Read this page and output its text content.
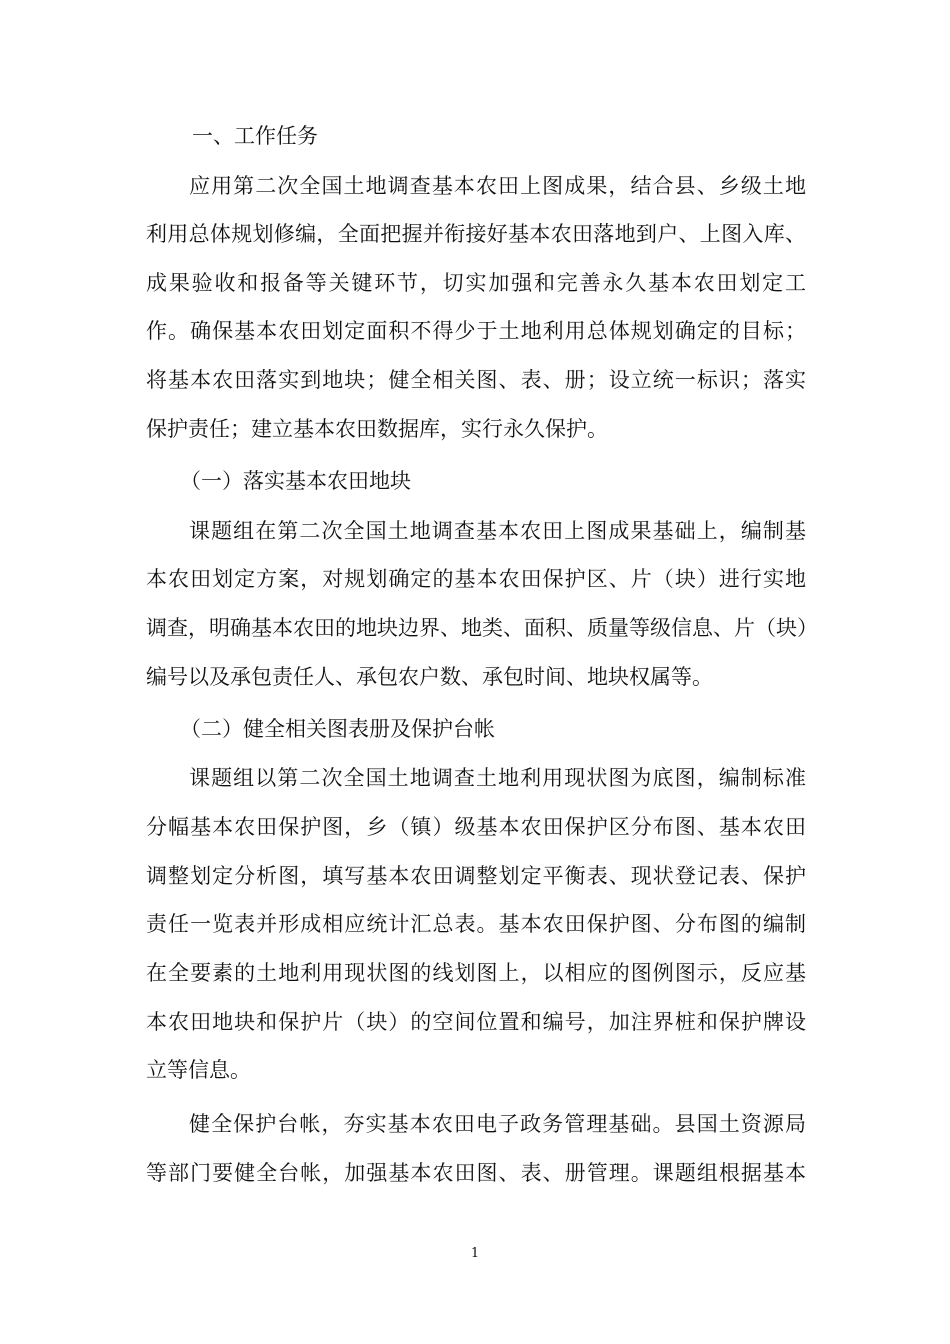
一、工作任务

应用第二次全国土地调查基本农田上图成果，结合县、乡级土地

利用总体规划修编，全面把握并衔接好基本农田落地到户、上图入库、

成果验收和报备等关键环节，切实加强和完善永久基本农田划定工

作。确保基本农田划定面积不得少于土地利用总体规划确定的目标；

将基本农田落实到地块；健全相关图、表、册；设立统一标识；落实

保护责任；建立基本农田数据库，实行永久保护。

（一）落实基本农田地块

课题组在第二次全国土地调查基本农田上图成果基础上，编制基

本农田划定方案，对规划确定的基本农田保护区、片（块）进行实地

调查，明确基本农田的地块边界、地类、面积、质量等级信息、片（块）

编号以及承包责任人、承包农户数、承包时间、地块权属等。

（二）健全相关图表册及保护台帐

课题组以第二次全国土地调查土地利用现状图为底图，编制标准

分幅基本农田保护图，乡（镇）级基本农田保护区分布图、基本农田

调整划定分析图，填写基本农田调整划定平衡表、现状登记表、保护

责任一览表并形成相应统计汇总表。基本农田保护图、分布图的编制

在全要素的土地利用现状图的线划图上，以相应的图例图示，反应基

本农田地块和保护片（块）的空间位置和编号，加注界桩和保护牌设

立等信息。

健全保护台帐，夯实基本农田电子政务管理基础。县国土资源局

等部门要健全台帐，加强基本农田图、表、册管理。课题组根据基本

1
